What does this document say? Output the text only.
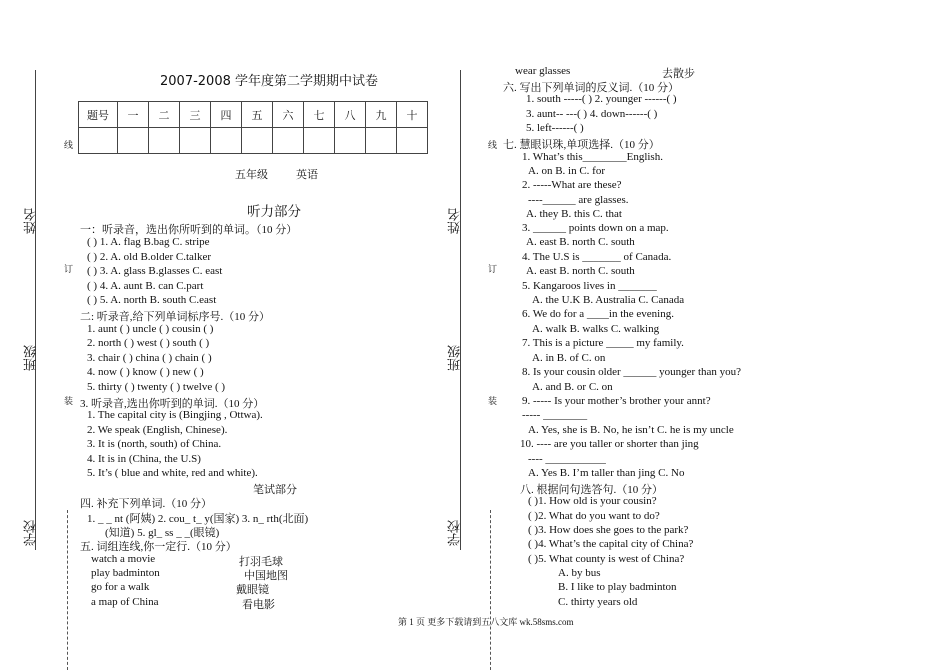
姓名
班级
学校
线
订
装
姓名
班级
学校
线
订
装
2007-2008 学年度第二学期期中试卷
题号	一	二	三	四	五	六	七	八	九	十

五年级	英语
听力部分
一：听录音，选出你所听到的单词。（10 分）
( ) 1. A. flag B.bag C. stripe
( ) 2. A. old B.older C.talker
( ) 3. A. glass B.glasses C. east
( ) 4. A. aunt B. can C.part
( ) 5. A. north B. south C.east
二: 听录音,给下列单词标序号.（10 分）
1. aunt ( ) uncle ( ) cousin ( )
2. north ( ) west ( ) south ( )
3. chair ( ) china ( ) chain ( )
4. now ( ) know ( ) new ( )
5. thirty ( ) twenty ( ) twelve ( )
3. 听录音,选出你听到的单词.（10 分）
1. The capital city is (Bingjing , Ottwa).
2. We speak (English, Chinese).
3. It is (north, south) of China.
4. It is in (China, the U.S)
5. It’s ( blue and white, red and white).
笔试部分
四. 补充下列单词.（10 分）
1. _ _ nt (阿姨) 2. cou_ t_ y(国家) 3. n_ rth(北面)
(知道) 5. gl_ ss _ _(眼镜)
五. 词组连线,你一定行.（10 分）
watch a movie
play badminton
go for a walk
a map of China
打羽毛球
中国地图
戴眼镜
看电影
wear glasses	去散步
六. 写出下列单词的反义词.（10 分）
1. south -----( ) 2. younger ------( )
3. aunt-- ---( ) 4. down------( )
5. left------( )
七. 慧眼识珠,单项选择.（10 分）
1. What’s this________English.
A. on B. in C. for
2. -----What are these?
----______ are glasses.
A. they B. this C. that
3. ______ points down on a map.
A. east B. north C. south
4. The U.S is _______ of Canada.
A. east B. north C. south
5. Kangaroos lives in _______
A. the U.K B. Australia C. Canada
6. We do for a ____in the evening.
A. walk B. walks C. walking
7. This is a picture _____ my family.
A. in B. of C. on
8. Is your cousin older ______ younger than you?
A. and B. or C. on
9. ----- Is your mother’s brother your annt?
----- ________
A. Yes, she is B. No, he isn’t C. he is my uncle
10. ---- are you taller or shorter than jing
---- ___________
A. Yes B. I’m taller than jing C. No
八. 根据问句选答句.（10 分）
( )1. How old is your cousin?
( )2. What do you want to do?
( )3. How does she goes to the park?
( )4. What’s the capital city of China?
( )5. What county is west of China?
A. by bus
B. I like to play badminton
C. thirty years old
第 1 页 更多下载请到五八文库 wk.58sms.com
